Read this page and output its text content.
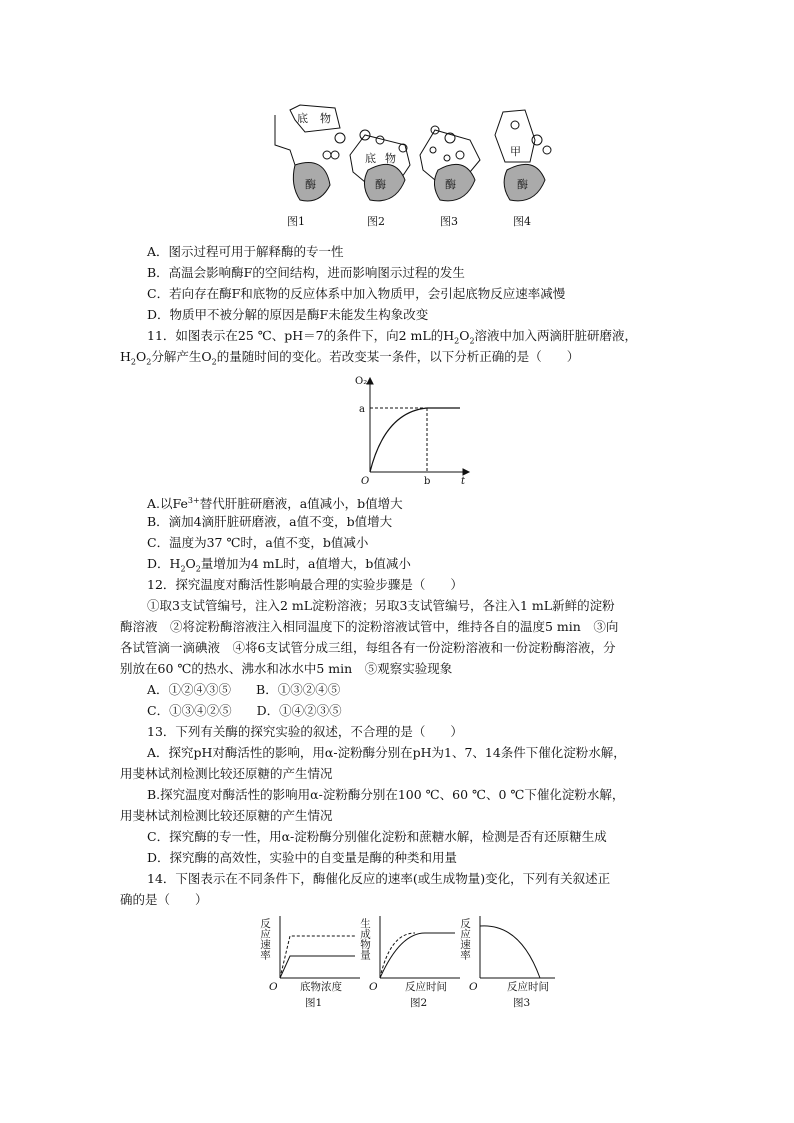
底 物
酶
底 物
酶	酶
甲
酶
图1	图2	图3	图4
A．图示过程可用于解释酶的专一性
B．高温会影响酶F的空间结构，进而影响图示过程的发生
C．若向存在酶F和底物的反应体系中加入物质甲，会引起底物反应速率减慢
D．物质甲不被分解的原因是酶F未能发生构象改变
11．如图表示在25 ℃、pH＝7的条件下，向2 mL的$H_2O_2$溶液中加入两滴肝脏研磨液，
$H_2O_2$分解产生$O_2$的量随时间的变化。若改变某一条件，以下分析正确的是（　　）
O₂
a
O	b	t
A.以$Fe^{3+}$替代肝脏研磨液，a值减小，b值增大
B．滴加4滴肝脏研磨液，a值不变，b值增大
C．温度为37 ℃时，a值不变，b值减小
D．$H_2O_2$量增加为4 mL时，a值增大，b值减小
12．探究温度对酶活性影响最合理的实验步骤是（　　）
①取3支试管编号，注入2 mL淀粉溶液；另取3支试管编号，各注入1 mL新鲜的淀粉
酶溶液　②将淀粉酶溶液注入相同温度下的淀粉溶液试管中，维持各自的温度5 min　③向
各试管滴一滴碘液　④将6支试管分成三组，每组各有一份淀粉溶液和一份淀粉酶溶液，分
别放在60 ℃的热水、沸水和冰水中5 min　⑤观察实验现象
A．①②④③⑤　　B．①③②④⑤
C．①③④②⑤　　D．①④②③⑤
13．下列有关酶的探究实验的叙述，不合理的是（　　）
A．探究pH对酶活性的影响，用α-淀粉酶分别在pH为1、7、14条件下催化淀粉水解，
用斐林试剂检测比较还原糖的产生情况
B.探究温度对酶活性的影响用α-淀粉酶分别在100 ℃、60 ℃、0 ℃下催化淀粉水解，
用斐林试剂检测比较还原糖的产生情况
C．探究酶的专一性，用α-淀粉酶分别催化淀粉和蔗糖水解，检测是否有还原糖生成
D．探究酶的高效性，实验中的自变量是酶的种类和用量
14．下图表示在不同条件下，酶催化反应的速率(或生成物量)变化，下列有关叙述正
确的是（　　）
反应速率	生成物量	反应速率
O	O	O
底物浓度	反应时间	反应时间
图1	图2	图3
